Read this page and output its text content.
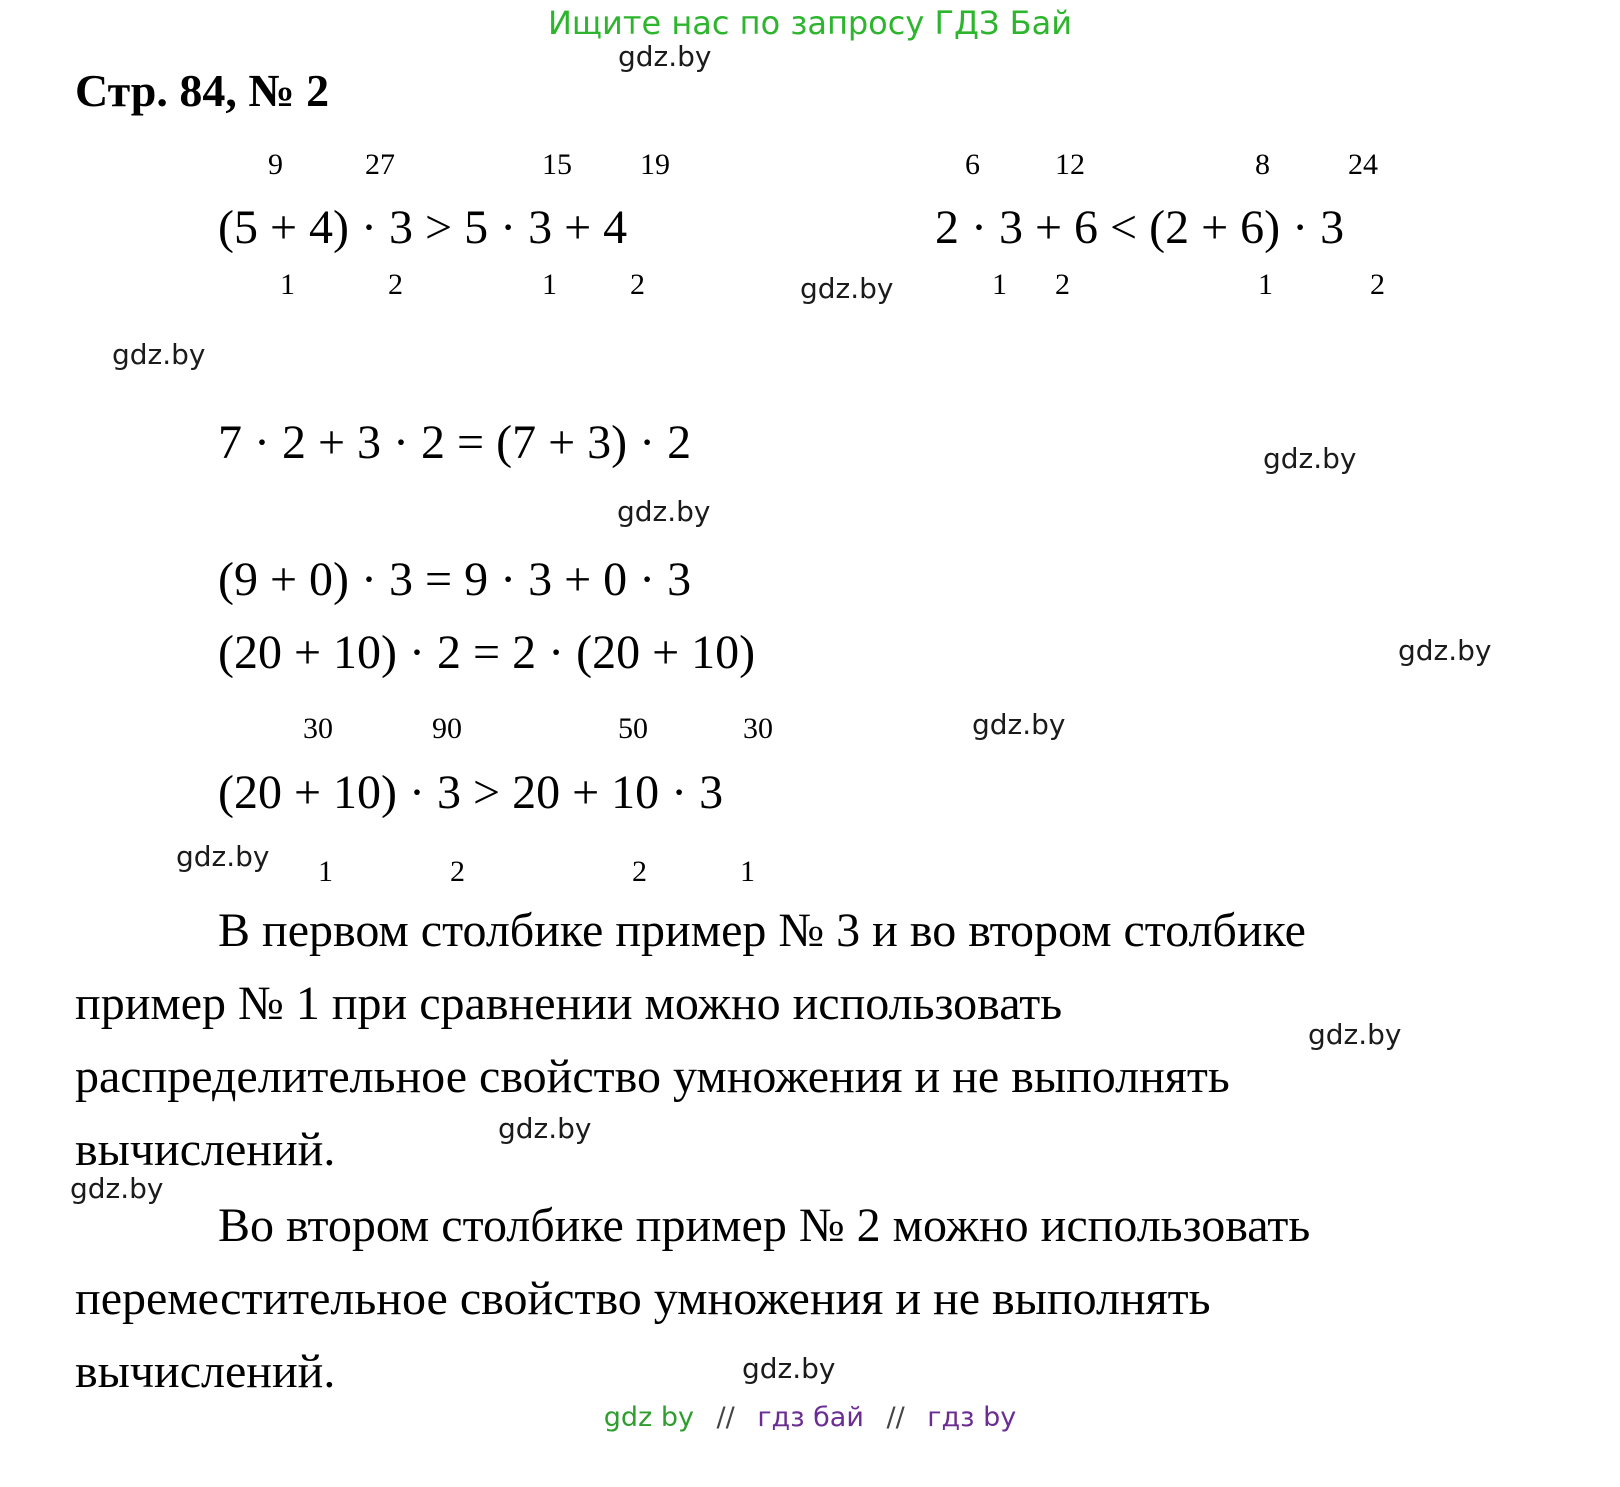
Ищите нас по запросу ГДЗ Бай
gdz.by
Стр. 84, № 2
9	27	15 19	6	12	8	24
(5 + 4) · 3 > 5 · 3 + 4	2 · 3 + 6 < (2 + 6) · 3
1	2	1 2	gdz.by	1 2	1	2
gdz.by
7 · 2 + 3 · 2 = (7 + 3) · 2	gdz.by
gdz.by
(9 + 0) · 3 = 9 · 3 + 0 · 3
(20 + 10) · 2 = 2 · (20 + 10)	gdz.by
gdz.by
30	90	50	30
(20 + 10) · 3 > 20 + 10 · 3
gdz.by 1	2	2	1
В первом столбике пример № 3 и во втором столбике
пример № 1 при сравнении можно использовать
gdz.by
распределительное свойство умножения и не выполнять
вычислений.	gdz.by
gdz.by
Во втором столбике пример № 2 можно использовать
переместительное свойство умножения и не выполнять
вычислений.	gdz.by
gdz by // гдз бай // гдз by
